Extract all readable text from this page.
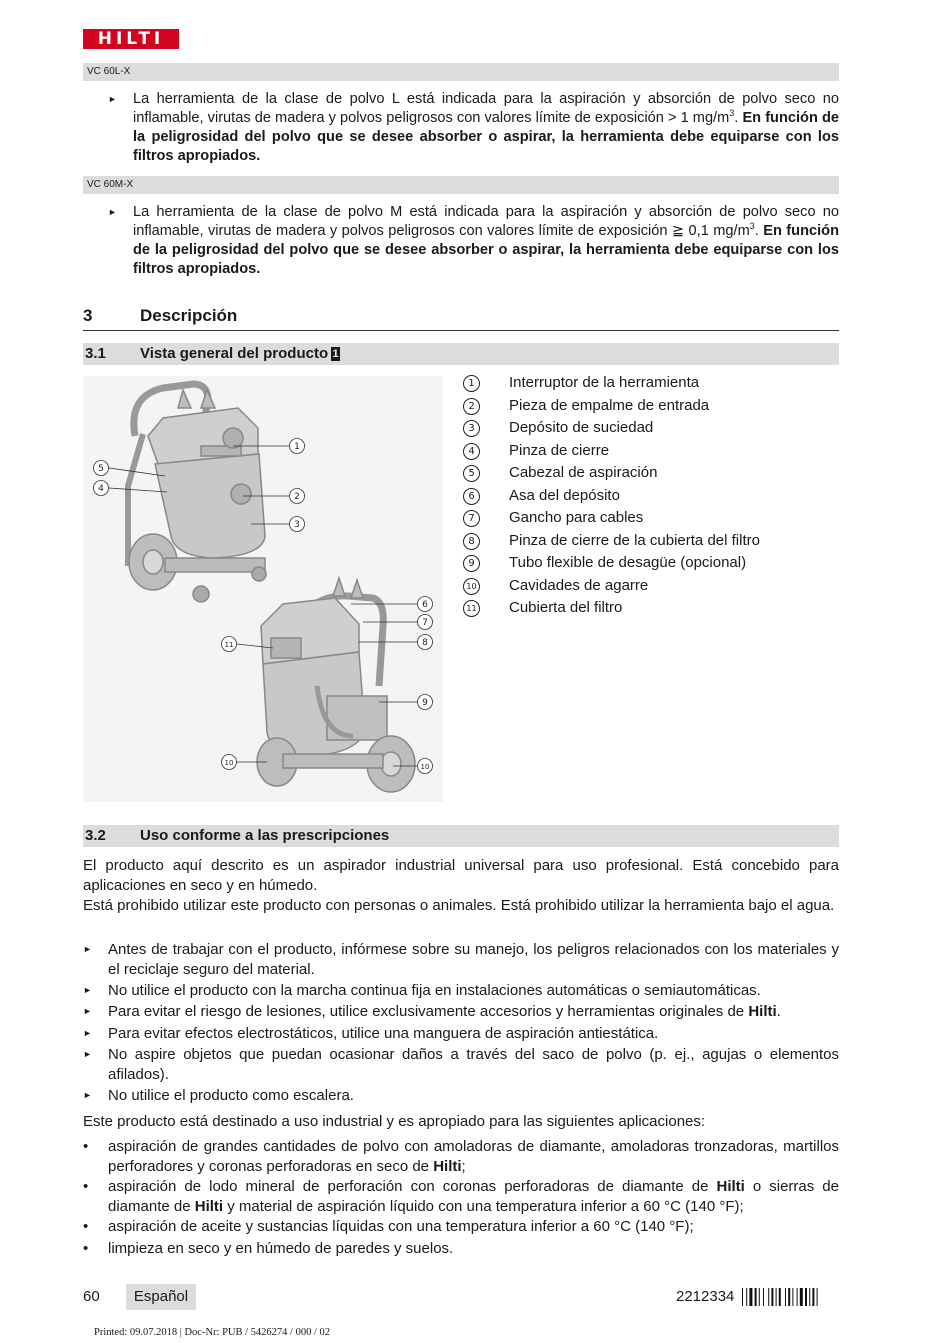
HILTI
VC 60L-X
► La herramienta de la clase de polvo L está indicada para la aspiración y absorción de polvo seco no inflamable, virutas de madera y polvos peligrosos con valores límite de exposición > 1 $mg/m^3$. En función de la peligrosidad del polvo que se desee absorber o aspirar, la herramienta debe equiparse con los filtros apropiados.
VC 60M-X
► La herramienta de la clase de polvo M está indicada para la aspiración y absorción de polvo seco no inflamable, virutas de madera y polvos peligrosos con valores límite de exposición ≧ 0,1 $mg/m^3$. En función de la peligrosidad del polvo que se desee absorber o aspirar, la herramienta debe equiparse con los filtros apropiados.
3	Descripción
3.1 Vista general del producto 1
1
2
3
4
5
6
7
8
9
10	10
11
1	Interruptor de la herramienta
2	Pieza de empalme de entrada
3	Depósito de suciedad
4	Pinza de cierre
5	Cabezal de aspiración
6	Asa del depósito
7	Gancho para cables
8	Pinza de cierre de la cubierta del filtro
9	Tubo flexible de desagüe (opcional)
10 Cavidades de agarre
11 Cubierta del filtro
3.2 Uso conforme a las prescripciones
El producto aquí descrito es un aspirador industrial universal para uso profesional. Está concebido para aplicaciones en seco y en húmedo.
Está prohibido utilizar este producto con personas o animales. Está prohibido utilizar la herramienta bajo el agua.
► Antes de trabajar con el producto, infórmese sobre su manejo, los peligros relacionados con los materiales y el reciclaje seguro del material.
► No utilice el producto con la marcha continua fija en instalaciones automáticas o semiautomáticas.
► Para evitar el riesgo de lesiones, utilice exclusivamente accesorios y herramientas originales de Hilti.
► Para evitar efectos electrostáticos, utilice una manguera de aspiración antiestática.
► No aspire objetos que puedan ocasionar daños a través del saco de polvo (p. ej., agujas o elementos afilados).
► No utilice el producto como escalera.
Este producto está destinado a uso industrial y es apropiado para las siguientes aplicaciones:
• aspiración de grandes cantidades de polvo con amoladoras de diamante, amoladoras tronzadoras, martillos perforadores y coronas perforadoras en seco de Hilti;
• aspiración de lodo mineral de perforación con coronas perforadoras de diamante de Hilti o sierras de diamante de Hilti y material de aspiración líquido con una temperatura inferior a 60 °C (140 °F);
• aspiración de aceite y sustancias líquidas con una temperatura inferior a 60 °C (140 °F);
• limpieza en seco y en húmedo de paredes y suelos.
60	Español	2212334
Printed: 09.07.2018 | Doc-Nr: PUB / 5426274 / 000 / 02
